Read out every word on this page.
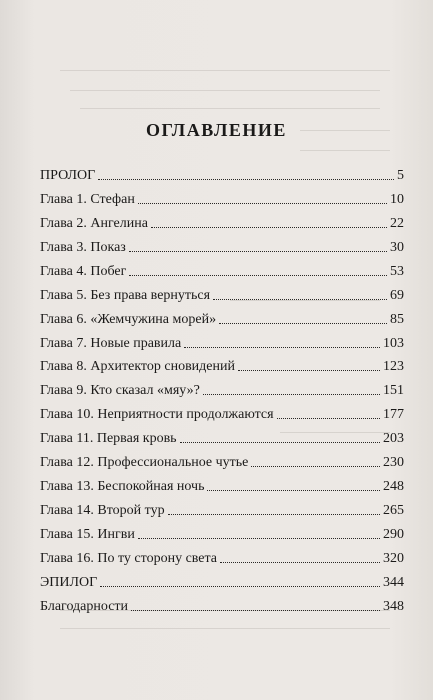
ОГЛАВЛЕНИЕ
ПРОЛОГ	5
Глава 1. Стефан	10
Глава 2. Ангелина	22
Глава 3. Показ	30
Глава 4. Побег	53
Глава 5. Без права вернуться	69
Глава 6. «Жемчужина морей»	85
Глава 7. Новые правила	103
Глава 8. Архитектор сновидений	123
Глава 9. Кто сказал «мяу»?	151
Глава 10. Неприятности продолжаются	177
Глава 11. Первая кровь	203
Глава 12. Профессиональное чутье	230
Глава 13. Беспокойная ночь	248
Глава 14. Второй тур	265
Глава 15. Ингви	290
Глава 16. По ту сторону света	320
ЭПИЛОГ	344
Благодарности	348
